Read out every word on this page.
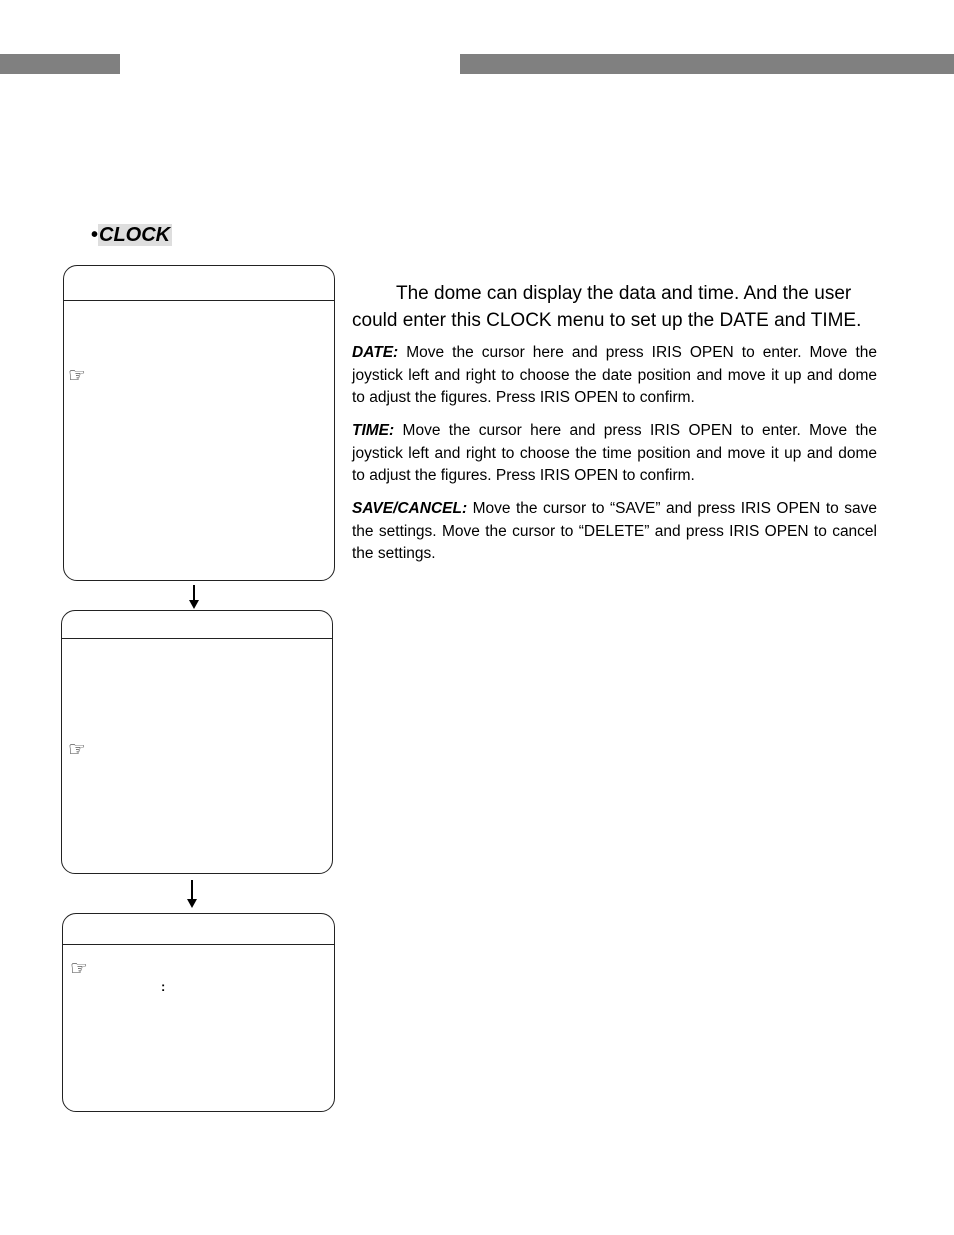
•CLOCK
☞
☞
☞
:

The dome can display the data and time. And the user could enter this CLOCK menu to set up the DATE and TIME.

DATE: Move the cursor here and press IRIS OPEN to enter. Move the joystick left and right to choose the date position and move it up and dome to adjust the figures. Press IRIS OPEN to confirm.

TIME: Move the cursor here and press IRIS OPEN to enter. Move the joystick left and right to choose the time position and move it up and dome to adjust the figures. Press IRIS OPEN to confirm.

SAVE/CANCEL: Move the cursor to “SAVE” and press IRIS OPEN to save the settings. Move the cursor to “DELETE” and press IRIS OPEN to cancel the settings.
